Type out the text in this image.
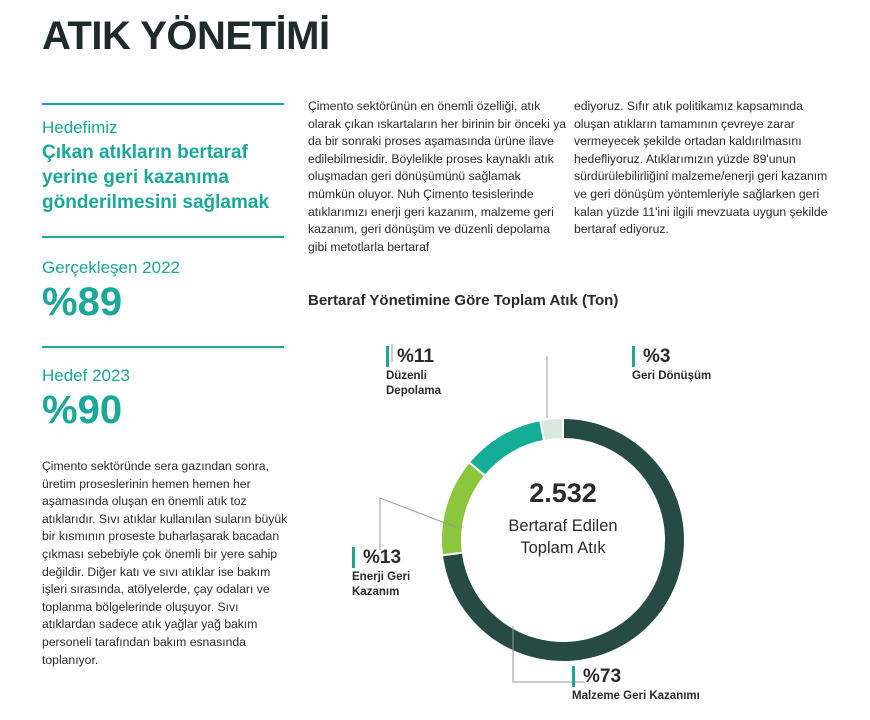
ATIK YÖNETİMİ
Hedefimiz
Çıkan atıkların bertaraf yerine geri kazanıma gönderilmesini sağlamak
Gerçekleşen 2022
%89
Hedef 2023
%90
Çimento sektöründe sera gazından sonra, üretim proseslerinin hemen hemen her aşamasında oluşan en önemli atık toz atıklarıdır. Sıvı atıklar kullanılan suların büyük bir kısmının proseste buharlaşarak bacadan çıkması sebebiyle çok önemli bir yere sahip değildir. Diğer katı ve sıvı atıklar ise bakım işleri sırasında, atölyelerde, çay odaları ve toplanma bölgelerinde oluşuyor. Sıvı atıklardan sadece atık yağlar yağ bakım personeli tarafından bakım esnasında toplanıyor.
Çimento sektörünün en önemli özelliği, atık olarak çıkan ıskartaların her birinin bir önceki ya da bir sonraki proses aşamasında ürüne ilave edilebilmesidir. Böylelikle proses kaynaklı atık oluşmadan geri dönüşümünü sağlamak mümkün oluyor. Nuh Çimento tesislerinde atıklarımızı enerji geri kazanım, malzeme geri kazanım, geri dönüşüm ve düzenli depolama gibi metotlarla bertaraf
ediyoruz. Sıfır atık politikamız kapsamında oluşan atıkların tamamının çevreye zarar vermeyecek şekilde ortadan kaldırılmasını hedefliyoruz. Atıklarımızın yüzde 89'unun sürdürülebilirliğini malzeme/enerji geri kazanım ve geri dönüşüm yöntemleriyle sağlarken geri kalan yüzde 11'ini ilgili mevzuata uygun şekilde bertaraf ediyoruz.
Bertaraf Yönetimine Göre Toplam Atık (Ton)
2.532
Bertaraf Edilen
Toplam Atık
%11
Düzenli
Depolama
%3
Geri Dönüşüm
%13
Enerji Geri
Kazanım
%73
Malzeme Geri Kazanımı
